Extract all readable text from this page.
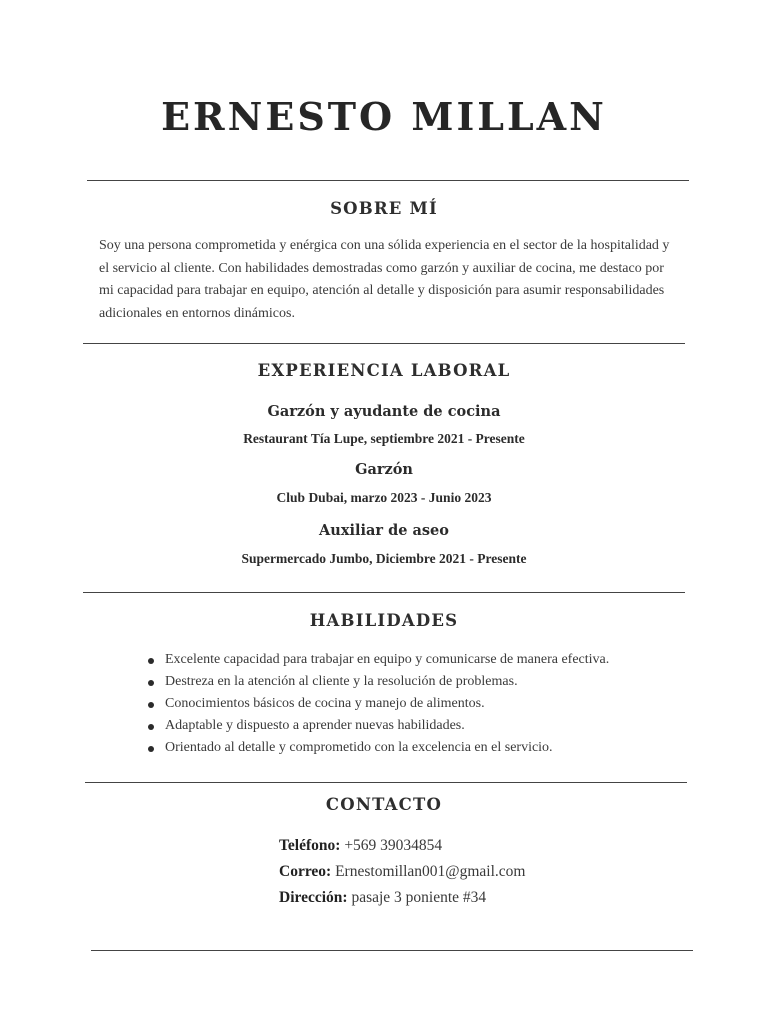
ERNESTO MILLAN
SOBRE MÍ
Soy una persona comprometida y enérgica con una sólida experiencia en el sector de la hospitalidad y el servicio al cliente. Con habilidades demostradas como garzón y auxiliar de cocina, me destaco por mi capacidad para trabajar en equipo, atención al detalle y disposición para asumir responsabilidades adicionales en entornos dinámicos.
EXPERIENCIA LABORAL
Garzón y ayudante de cocina
Restaurant Tía Lupe, septiembre 2021 - Presente
Garzón
Club Dubai, marzo 2023 - Junio 2023
Auxiliar de aseo
Supermercado Jumbo, Diciembre 2021 - Presente
HABILIDADES
Excelente capacidad para trabajar en equipo y comunicarse de manera efectiva.
Destreza en la atención al cliente y la resolución de problemas.
Conocimientos básicos de cocina y manejo de alimentos.
Adaptable y dispuesto a aprender nuevas habilidades.
Orientado al detalle y comprometido con la excelencia en el servicio.
CONTACTO
Teléfono: +569 39034854
Correo: Ernestomillan001@gmail.com
Dirección: pasaje 3 poniente #34
